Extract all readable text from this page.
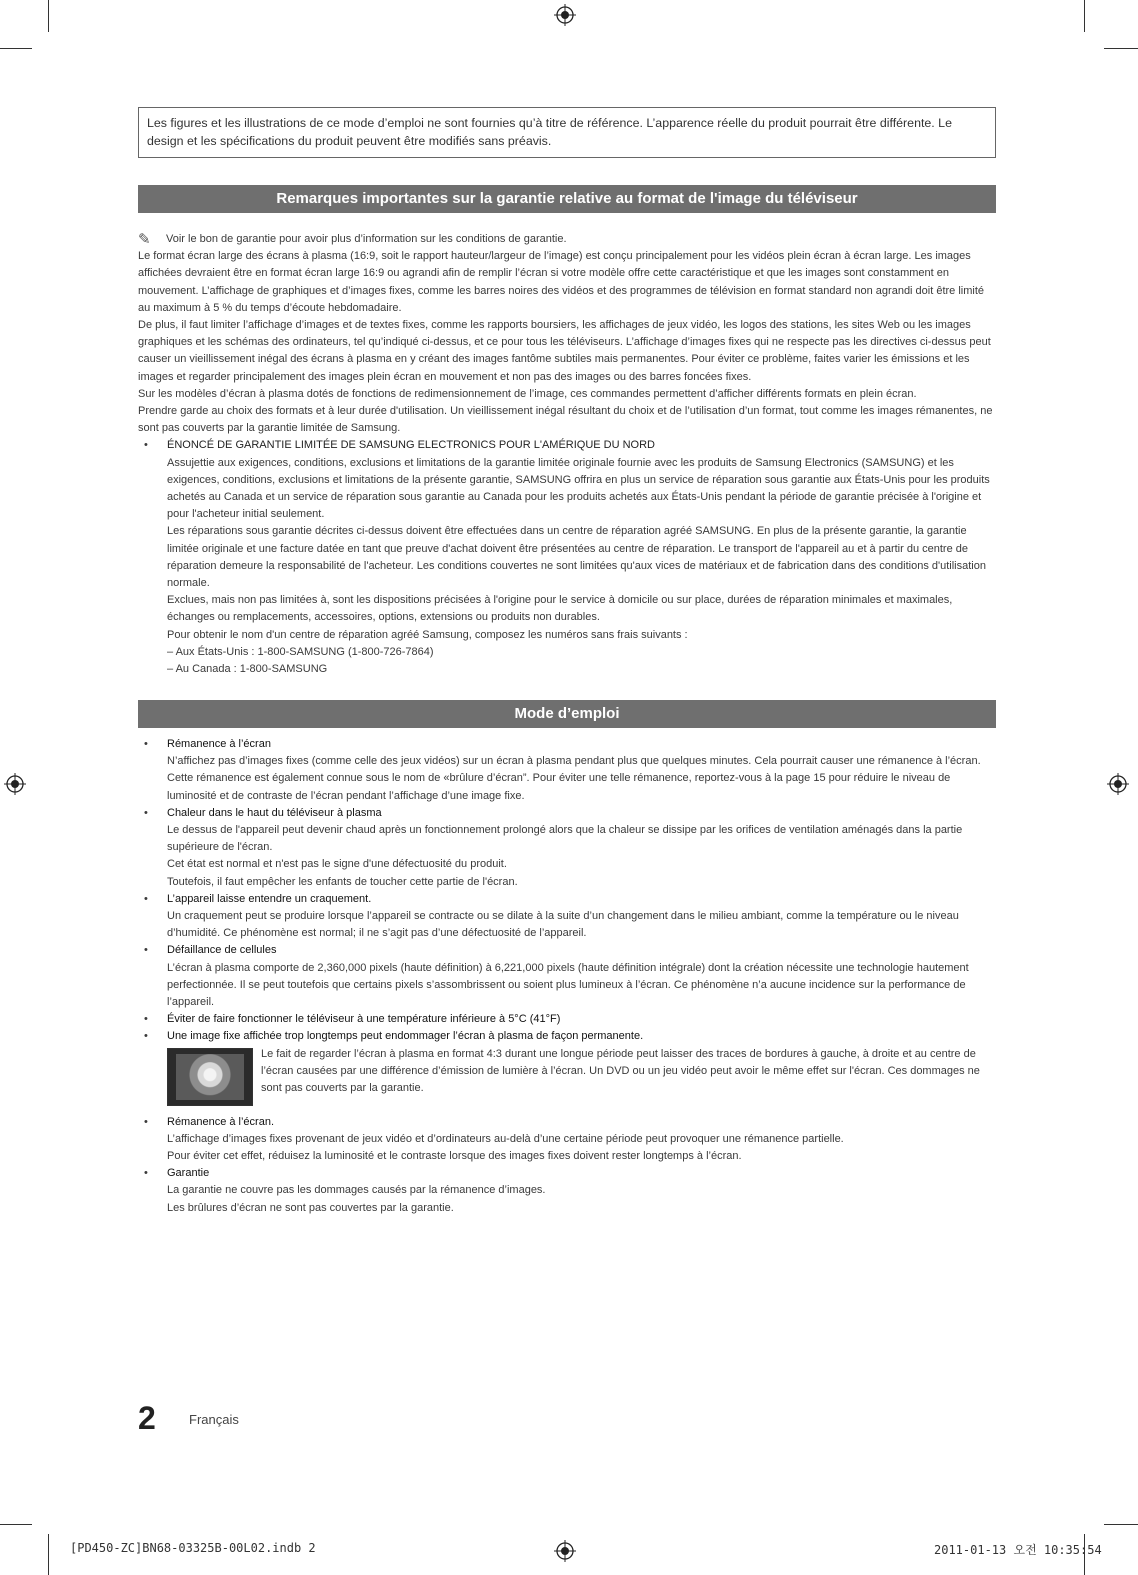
Les figures et les illustrations de ce mode d’emploi ne sont fournies qu’à titre de référence. L’apparence réelle du produit pourrait être différente. Le design et les spécifications du produit peuvent être modifiés sans préavis.
Remarques importantes sur la garantie relative au format de l'image du téléviseur

✎ Voir le bon de garantie pour avoir plus d’information sur les conditions de garantie.

Le format écran large des écrans à plasma (16:9, soit le rapport hauteur/largeur de l’image) est conçu principalement pour les vidéos plein écran à écran large. Les images affichées devraient être en format écran large 16:9 ou agrandi afin de remplir l’écran si votre modèle offre cette caractéristique et que les images sont constamment en mouvement. L’affichage de graphiques et d’images fixes, comme les barres noires des vidéos et des programmes de télévision en format standard non agrandi doit être limité au maximum à 5 % du temps d’écoute hebdomadaire.

De plus, il faut limiter l’affichage d’images et de textes fixes, comme les rapports boursiers, les affichages de jeux vidéo, les logos des stations, les sites Web ou les images graphiques et les schémas des ordinateurs, tel qu’indiqué ci-dessus, et ce pour tous les téléviseurs. L’affichage d’images fixes qui ne respecte pas les directives ci-dessus peut causer un vieillissement inégal des écrans à plasma en y créant des images fantôme subtiles mais permanentes. Pour éviter ce problème, faites varier les émissions et les images et regarder principalement des images plein écran en mouvement et non pas des images ou des barres foncées fixes.

Sur les modèles d’écran à plasma dotés de fonctions de redimensionnement de l’image, ces commandes permettent d’afficher différents formats en plein écran.

Prendre garde au choix des formats et à leur durée d'utilisation. Un vieillissement inégal résultant du choix et de l’utilisation d’un format, tout comme les images rémanentes, ne sont pas couverts par la garantie limitée de Samsung.

• ÉNONCÉ DE GARANTIE LIMITÉE DE SAMSUNG ELECTRONICS POUR L'AMÉRIQUE DU NORD

Assujettie aux exigences, conditions, exclusions et limitations de la garantie limitée originale fournie avec les produits de Samsung Electronics (SAMSUNG) et les exigences, conditions, exclusions et limitations de la présente garantie, SAMSUNG offrira en plus un service de réparation sous garantie aux États-Unis pour les produits achetés au Canada et un service de réparation sous garantie au Canada pour les produits achetés aux États-Unis pendant la période de garantie précisée à l'origine et pour l'acheteur initial seulement.

Les réparations sous garantie décrites ci-dessus doivent être effectuées dans un centre de réparation agréé SAMSUNG. En plus de la présente garantie, la garantie limitée originale et une facture datée en tant que preuve d'achat doivent être présentées au centre de réparation. Le transport de l'appareil au et à partir du centre de réparation demeure la responsabilité de l'acheteur. Les conditions couvertes ne sont limitées qu'aux vices de matériaux et de fabrication dans des conditions d'utilisation normale.

Exclues, mais non pas limitées à, sont les dispositions précisées à l'origine pour le service à domicile ou sur place, durées de réparation minimales et maximales, échanges ou remplacements, accessoires, options, extensions ou produits non durables.

Pour obtenir le nom d'un centre de réparation agréé Samsung, composez les numéros sans frais suivants :

– Aux États-Unis : 1-800-SAMSUNG (1-800-726-7864)

– Au Canada : 1-800-SAMSUNG

Mode d’emploi
• Rémanence à l’écran

N’affichez pas d’images fixes (comme celle des jeux vidéos) sur un écran à plasma pendant plus que quelques minutes. Cela pourrait causer une rémanence à l’écran. Cette rémanence est également connue sous le nom de «brûlure d’écran”. Pour éviter une telle rémanence, reportez-vous à la page 15 pour réduire le niveau de luminosité et de contraste de l’écran pendant l’affichage d’une image fixe.

• Chaleur dans le haut du téléviseur à plasma

Le dessus de l'appareil peut devenir chaud après un fonctionnement prolongé alors que la chaleur se dissipe par les orifices de ventilation aménagés dans la partie supérieure de l'écran.

Cet état est normal et n'est pas le signe d'une défectuosité du produit.

Toutefois, il faut empêcher les enfants de toucher cette partie de l'écran.

• L’appareil laisse entendre un craquement.

Un craquement peut se produire lorsque l’appareil se contracte ou se dilate à la suite d’un changement dans le milieu ambiant, comme la température ou le niveau d’humidité. Ce phénomène est normal; il ne s’agit pas d’une défectuosité de l’appareil.

• Défaillance de cellules

L’écran à plasma comporte de 2,360,000 pixels (haute définition) à 6,221,000 pixels (haute définition intégrale) dont la création nécessite une technologie hautement perfectionnée. Il se peut toutefois que certains pixels s’assombrissent ou soient plus lumineux à l’écran. Ce phénomène n’a aucune incidence sur la performance de l’appareil.

• Éviter de faire fonctionner le téléviseur à une température inférieure à 5°C (41°F)

• Une image fixe affichée trop longtemps peut endommager l’écran à plasma de façon permanente.

Le fait de regarder l’écran à plasma en format 4:3 durant une longue période peut laisser des traces de bordures à gauche, à droite et au centre de l’écran causées par une différence d’émission de lumière à l’écran. Un DVD ou un jeu vidéo peut avoir le même effet sur l'écran. Ces dommages ne sont pas couverts par la garantie.

• Rémanence à l’écran.

L’affichage d’images fixes provenant de jeux vidéo et d’ordinateurs au-delà d’une certaine période peut provoquer une rémanence partielle.

Pour éviter cet effet, réduisez la luminosité et le contraste lorsque des images fixes doivent rester longtemps à l’écran.

• Garantie

La garantie ne couvre pas les dommages causés par la rémanence d’images.

Les brûlures d’écran ne sont pas couvertes par la garantie.

2	Français
[PD450-ZC]BN68-03325B-00L02.indb 2	2011-01-13 오전 10:35:54
